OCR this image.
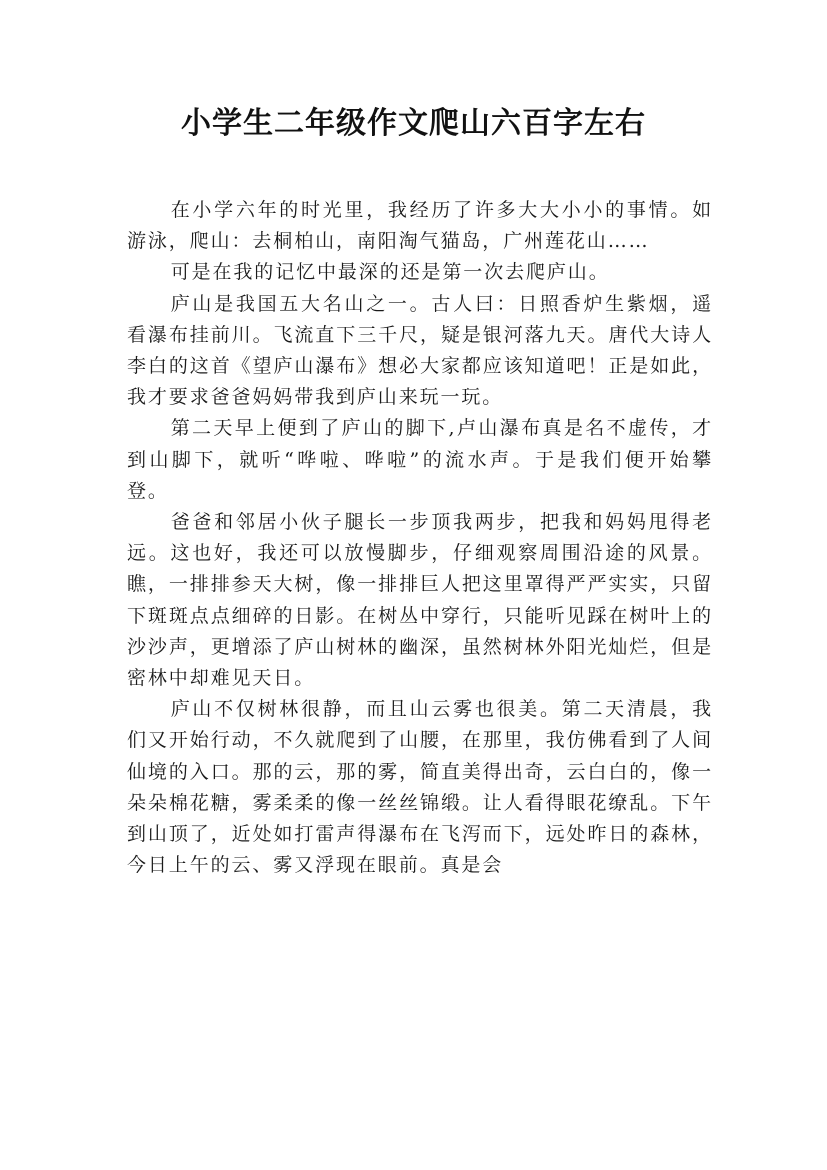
小学生二年级作文爬山六百字左右

在小学六年的时光里，我经历了许多大大小小的事情。如游泳，爬山：去桐柏山，南阳淘气猫岛，广州莲花山……

可是在我的记忆中最深的还是第一次去爬庐山。

庐山是我国五大名山之一。古人曰：日照香炉生紫烟，遥看瀑布挂前川。飞流直下三千尺，疑是银河落九天。唐代大诗人李白的这首《望庐山瀑布》想必大家都应该知道吧！正是如此，我才要求爸爸妈妈带我到庐山来玩一玩。

第二天早上便到了庐山的脚下,卢山瀑布真是名不虚传，才到山脚下，就听“哗啦、哗啦”的流水声。于是我们便开始攀登。

爸爸和邻居小伙子腿长一步顶我两步，把我和妈妈甩得老远。这也好，我还可以放慢脚步，仔细观察周围沿途的风景。瞧，一排排参天大树，像一排排巨人把这里罩得严严实实，只留下斑斑点点细碎的日影。在树丛中穿行，只能听见踩在树叶上的沙沙声，更增添了庐山树林的幽深，虽然树林外阳光灿烂，但是密林中却难见天日。

庐山不仅树林很静，而且山云雾也很美。第二天清晨，我们又开始行动，不久就爬到了山腰，在那里，我仿佛看到了人间仙境的入口。那的云，那的雾，简直美得出奇，云白白的，像一朵朵棉花糖，雾柔柔的像一丝丝锦缎。让人看得眼花缭乱。下午到山顶了，近处如打雷声得瀑布在飞泻而下，远处昨日的森林，今日上午的云、雾又浮现在眼前。真是会
